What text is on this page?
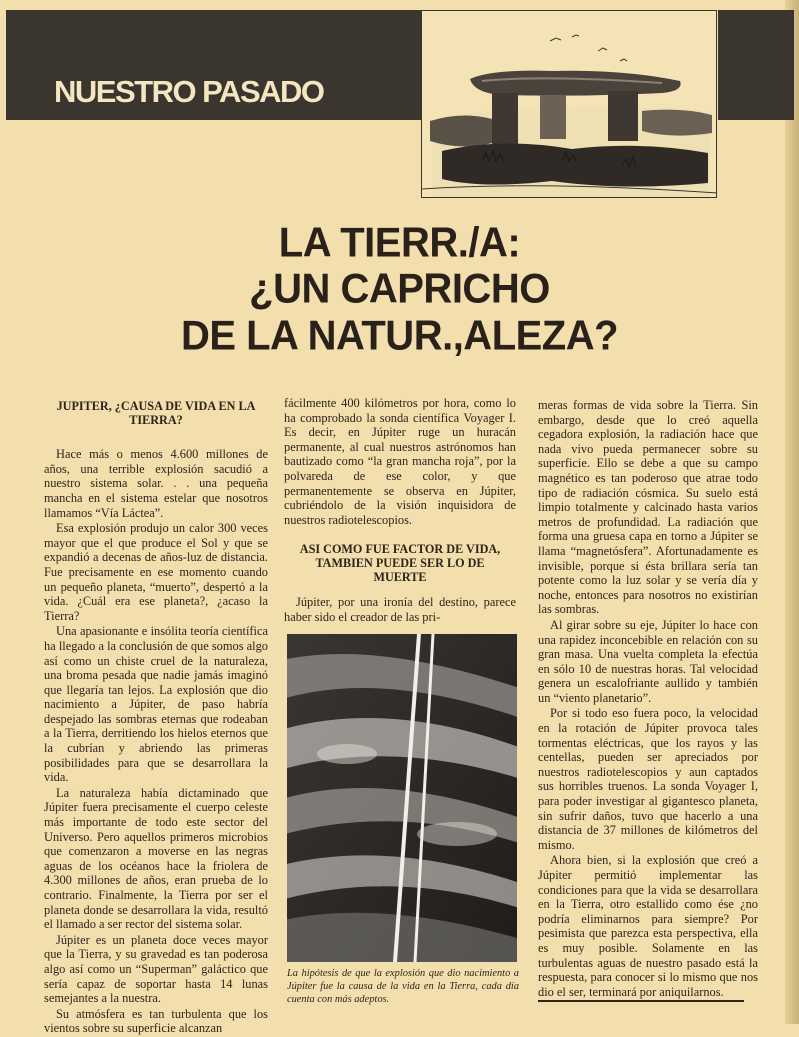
NUESTRO PASADO
LA TIERR./A:
¿UN CAPRI​CHO
DE LA NATUR.,ALEZA?
JUPITER, ¿CAUSA DE VIDA EN LA TIERRA?

Hace más o menos 4.600 millones de años, una terrible explosión sacudió a nuestro sistema solar. . . una pequeña mancha en el sistema estelar que nosotros llamamos “Vía Láctea”.

Esa explosión produjo un calor 300 veces mayor que el que produce el Sol y que se expandió a decenas de años-luz de distancia. Fue precisamente en ese momento cuando un pequeño planeta, “muerto”, despertó a la vida. ¿Cuál era ese planeta?, ¿acaso la Tierra?

Una apasionante e insólita teoría científica ha llegado a la conclusión de que somos algo así como un chiste cruel de la naturaleza, una broma pesada que nadie jamás imaginó que llegaría tan lejos. La explosión que dio nacimiento a Júpiter, de paso habría despejado las sombras eternas que rodeaban a la Tierra, derritiendo los hielos eternos que la cubrían y abriendo las primeras posibilidades para que se desarrollara la vida.

La naturaleza había dictaminado que Júpiter fuera precisamente el cuerpo celeste más importante de todo este sector del Universo. Pero aquellos primeros microbios que comenzaron a moverse en las negras aguas de los océanos hace la friolera de 4.300 millones de años, eran prueba de lo contrario. Finalmente, la Tierra por ser el planeta donde se desarrollara la vida, resultó el llamado a ser rector del sistema solar.

Júpiter es un planeta doce veces mayor que la Tierra, y su gravedad es tan poderosa algo así como un “Superman” galáctico que sería capaz de soportar hasta 14 lunas semejantes a la nuestra.

Su atmósfera es tan turbulenta que los vientos sobre su superficie alcanzan

fácilmente 400 kilómetros por hora, como lo ha comprobado la sonda científica Voyager I. Es decir, en Júpiter ruge un huracán permanente, al cual nuestros astrónomos han bautizado como “la gran mancha roja”, por la polvareda de ese color, y que permanentemente se observa en Júpiter, cubriéndolo de la visión inquisidora de nuestros radiotelescopios.

ASI COMO FUE FACTOR DE VIDA, TAMBIEN PUEDE SER LO DE MUERTE

Júpiter, por una ironía del destino, parece haber sido el creador de las pri-

La hipótesis de que la explosión que dio nacimiento a Júpiter fue la causa de la vida en la Tierra, cada día cuenta con más adeptos.

meras formas de vida sobre la Tierra. Sin embargo, desde que lo creó aquella cegadora explosión, la radiación hace que nada vivo pueda permanecer sobre su superficie. Ello se debe a que su campo magnético es tan poderoso que atrae todo tipo de radiación cósmica. Su suelo está limpio totalmente y calcinado hasta varios metros de profundidad. La radiación que forma una gruesa capa en torno a Júpiter se llama “magnetósfera”. Afortunadamente es invisible, porque si ésta brillara sería tan potente como la luz solar y se vería día y noche, entonces para nosotros no existirían las sombras.

Al girar sobre su eje, Júpiter lo hace con una rapidez inconcebible en relación con su gran masa. Una vuelta completa la efectúa en sólo 10 de nuestras horas. Tal velocidad genera un escalofriante aullido y también un “viento planetario”.

Por si todo eso fuera poco, la velocidad en la rotación de Júpiter provoca tales tormentas eléctricas, que los rayos y las centellas, pueden ser apreciados por nuestros radiotelescopios y aun captados sus horribles truenos. La sonda Voyager I, para poder investigar al gigantesco planeta, sin sufrir daños, tuvo que hacerlo a una distancia de 37 millones de kilómetros del mismo.

Ahora bien, si la explosión que creó a Júpiter permitió implementar las condiciones para que la vida se desarrollara en la Tierra, otro estallido como ése ¿no podría eliminarnos para siempre? Por pesimista que parezca esta perspectiva, ella es muy posible. Solamente en las turbulentas aguas de nuestro pasado está la respuesta, para conocer si lo mismo que nos dio el ser, terminará por aniquilarnos.
